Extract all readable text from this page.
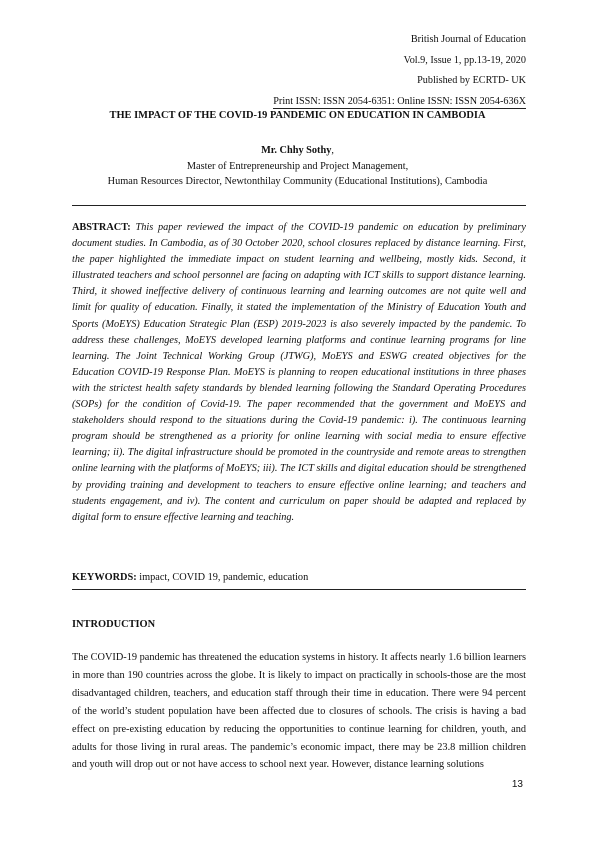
British Journal of Education
Vol.9, Issue 1, pp.13-19, 2020
Published by ECRTD- UK
Print ISSN: ISSN 2054-6351: Online ISSN: ISSN 2054-636X
THE IMPACT OF THE COVID-19 PANDEMIC ON EDUCATION IN CAMBODIA
Mr. Chhy Sothy,
Master of Entrepreneurship and Project Management,
Human Resources Director, Newtonthilay Community (Educational Institutions), Cambodia
ABSTRACT: This paper reviewed the impact of the COVID-19 pandemic on education by preliminary document studies. In Cambodia, as of 30 October 2020, school closures replaced by distance learning. First, the paper highlighted the immediate impact on student learning and wellbeing, mostly kids. Second, it illustrated teachers and school personnel are facing on adapting with ICT skills to support distance learning. Third, it showed ineffective delivery of continuous learning and learning outcomes are not quite well and limit for quality of education. Finally, it stated the implementation of the Ministry of Education Youth and Sports (MoEYS) Education Strategic Plan (ESP) 2019-2023 is also severely impacted by the pandemic. To address these challenges, MoEYS developed learning platforms and continue learning programs for line learning. The Joint Technical Working Group (JTWG), MoEYS and ESWG created objectives for the Education COVID-19 Response Plan. MoEYS is planning to reopen educational institutions in three phases with the strictest health safety standards by blended learning following the Standard Operating Procedures (SOPs) for the condition of Covid-19. The paper recommended that the government and MoEYS and stakeholders should respond to the situations during the Covid-19 pandemic: i). The continuous learning program should be strengthened as a priority for online learning with social media to ensure effective learning; ii). The digital infrastructure should be promoted in the countryside and remote areas to strengthen online learning with the platforms of MoEYS; iii). The ICT skills and digital education should be strengthened by providing training and development to teachers to ensure effective online learning; and teachers and students engagement, and iv). The content and curriculum on paper should be adapted and replaced by digital form to ensure effective learning and teaching.
KEYWORDS: impact, COVID 19, pandemic, education
INTRODUCTION
The COVID-19 pandemic has threatened the education systems in history. It affects nearly 1.6 billion learners in more than 190 countries across the globe. It is likely to impact on practically in schools-those are the most disadvantaged children, teachers, and education staff through their time in education. There were 94 percent of the world’s student population have been affected due to closures of schools. The crisis is having a bad effect on pre-existing education by reducing the opportunities to continue learning for children, youth, and adults for those living in rural areas. The pandemic’s economic impact, there may be 23.8 million children and youth will drop out or not have access to school next year. However, distance learning solutions
13
